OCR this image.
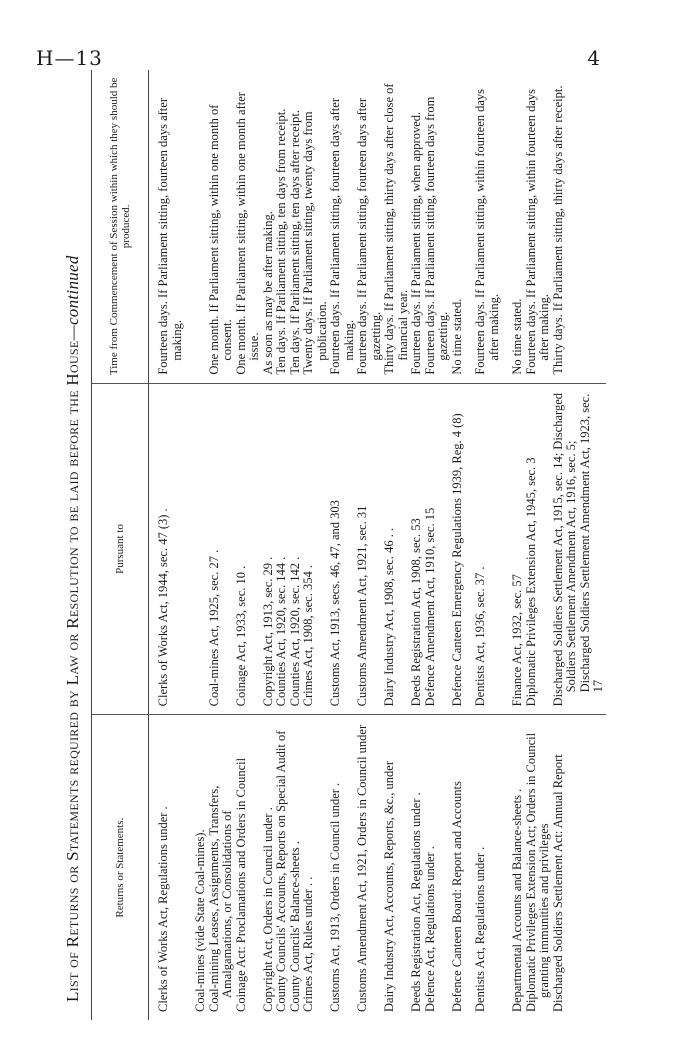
H—13	4
List of Returns or Statements required by Law or Resolution to be laid before the House—continued
Returns or Statements.	Pursuant to	Time from Commencement of Session within which they should be produced.

Clerks of Works Act, Regulations under .	Clerks of Works Act, 1944, sec. 47 (3) .	Fourteen days. If Parliament sitting, fourteen days after making.

Coal-mines (vide State Coal-mines).		

Coal-mining Leases, Assignments, Transfers, Amalgamations, or Consolidations of	Coal-mines Act, 1925, sec. 27 .	One month. If Parliament sitting, within one month of consent.

Coinage Act: Proclamations and Orders in Council	Coinage Act, 1933, sec. 10 .	One month. If Parliament sitting, within one month after issue.

Copyright Act, Orders in Council under .	Copyright Act, 1913, sec. 29 .	As soon as may be after making.

County Councils' Accounts, Reports on Special Audit of	Counties Act, 1920, sec. 144 .	Ten days. If Parliament sitting, ten days from receipt.

County Councils' Balance-sheets .	Counties Act, 1920, sec. 142 .	Ten days. If Parliament sitting, ten days after receipt.

Crimes Act, Rules under . .	Crimes Act, 1908, sec. 354 .	Twenty days. If Parliament sitting, twenty days from publication.

Customs Act, 1913, Orders in Council under .	Customs Act, 1913, secs. 46, 47, and 303	Fourteen days. If Parliament sitting, fourteen days after making.

Customs Amendment Act, 1921, Orders in Council under	Customs Amendment Act, 1921, sec. 31	Fourteen days. If Parliament sitting, fourteen days after gazetting.

Dairy Industry Act, Accounts, Reports, &c., under	Dairy Industry Act, 1908, sec. 46 . .	Thirty days. If Parliament sitting, thirty days after close of financial year.

Deeds Registration Act, Regulations under .	Deeds Registration Act, 1908, sec. 53	Fourteen days. If Parliament sitting, when approved.

Defence Act, Regulations under .	Defence Amendment Act, 1910, sec. 15	Fourteen days. If Parliament sitting, fourteen days from gazetting.

Defence Canteen Board: Report and Accounts	Defence Canteen Emergency Regulations 1939, Reg. 4 (8)	No time stated.

Dentists Act, Regulations under .	Dentists Act, 1936, sec. 37 .	Fourteen days. If Parliament sitting, within fourteen days after making.

Departmental Accounts and Balance-sheets .	Finance Act, 1932, sec. 57	No time stated.

Diplomatic Privileges Extension Act; Orders in Council granting immunities and privileges	Diplomatic Privileges Extension Act, 1945, sec. 3	Fourteen days. If Parliament sitting, within fourteen days after making.

Discharged Soldiers Settlement Act: Annual Report	Discharged Soldiers Settlement Act, 1915, sec. 14; Discharged Soldiers Settlement Amendment Act, 1916, sec. 5; Discharged Soldiers Settlement Amendment Act, 1923, sec. 17	Thirty days. If Parliament sitting, thirty days after receipt.
